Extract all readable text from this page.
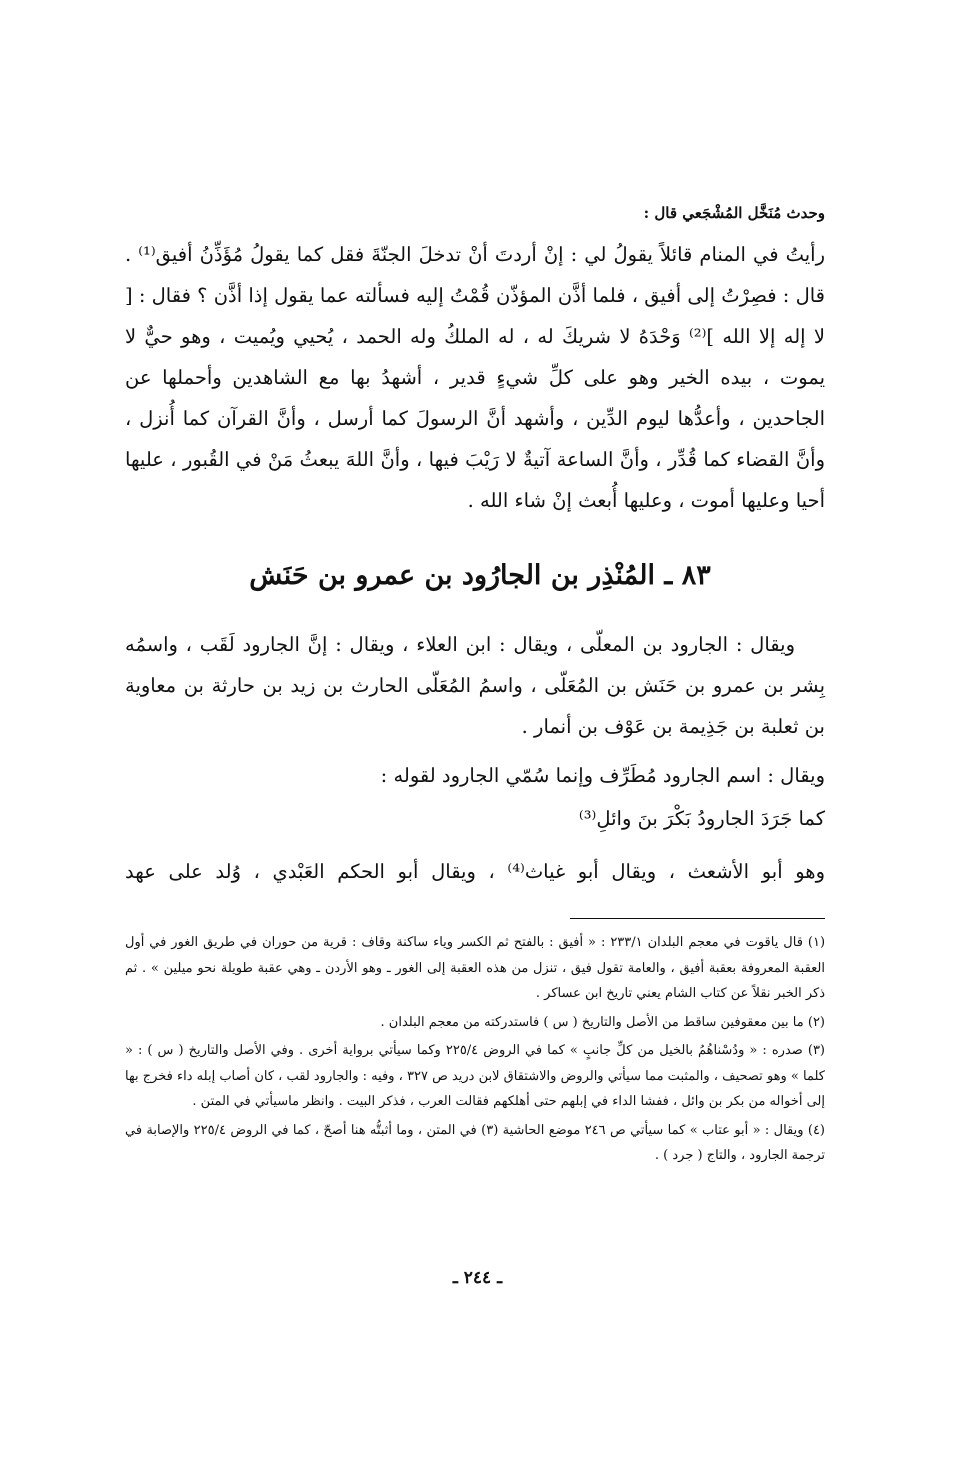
وحدث مُنَخَّل المُشْجَعي قال :
رأيتُ في المنام قائلاً يقولُ لي : إنْ أردتَ أنْ تدخلَ الجنّةَ فقل كما يقولُ مُؤَذِّنُ أفيق⁽¹⁾ . قال : فصِرْتُ إلى أفيق ، فلما أذَّن المؤذّن قُمْتُ إليه فسألته عما يقول إذا أذَّن ؟ فقال : [ لا إله إلا الله ]⁽²⁾ وَحْدَهُ لا شريكَ له ، له الملكُ وله الحمد ، يُحيي ويُميت ، وهو حيٌّ لا يموت ، بيده الخير وهو على كلِّ شيءٍ قدير ، أشهدُ بها مع الشاهدين وأحملها عن الجاحدين ، وأعدُّها ليوم الدِّين ، وأشهد أنَّ الرسولَ كما أرسل ، وأنَّ القرآن كما أُنزل ، وأنَّ القضاء كما قُدِّر ، وأنَّ الساعة آتيةٌ لا رَيْبَ فيها ، وأنَّ اللهَ يبعثُ مَنْ في القُبور ، عليها أحيا وعليها أموت ، وعليها أُبعث إنْ شاء الله .
٨٣ ـ المُنْذِر بن الجارُود بن عمرو بن حَنَش
ويقال : الجارود بن المعلّى ، ويقال : ابن العلاء ، ويقال : إنَّ الجارود لَقَب ، واسمُه بِشر بن عمرو بن حَنَش بن المُعَلّى ، واسمُ المُعَلّى الحارث بن زيد بن حارثة بن معاوية بن ثعلبة بن جَذِيمة بن عَوْف بن أنمار .
ويقال : اسم الجارود مُطَرِّف وإنما سُمّي الجارود لقوله :
كما جَرَدَ الجارودُ بَكْرَ بنَ وائلِ⁽³⁾
وهو أبو الأشعث ، ويقال أبو غياث⁽⁴⁾ ، ويقال أبو الحكم العَبْدي ، وُلد على عهد

(١) قال ياقوت في معجم البلدان ٢٣٣/١ : « أفيق : بالفتح ثم الكسر وياء ساكنة وقاف : قرية من حوران في طريق الغور في أول العقبة المعروفة بعقبة أفيق ، والعامة تقول فيق ، تنزل من هذه العقبة إلى الغور ـ وهو الأردن ـ وهي عقبة طويلة نحو ميلين » . ثم ذكر الخبر نقلاً عن كتاب الشام يعني تاريخ ابن عساكر .

(٢) ما بين معقوفين ساقط من الأصل والتاريخ ( س ) فاستدركته من معجم البلدان .

(٣) صدره : « ودُسْناهُمُ بالخيل من كلِّ جانبٍ » كما في الروض ٢٢٥/٤ وكما سيأتي برواية أخرى . وفي الأصل والتاريخ ( س ) : « كلما » وهو تصحيف ، والمثبت مما سيأتي والروض والاشتقاق لابن دريد ص ٣٢٧ ، وفيه : والجارود لقب ، كان أصاب إبله داء فخرج بها إلى أخواله من بكر بن وائل ، ففشا الداء في إبلهم حتى أهلكهم فقالت العرب ، فذكر البيت . وانظر ماسيأتي في المتن .

(٤) ويقال : « أبو عتاب » كما سيأتي ص ٢٤٦ موضع الحاشية (٣) في المتن ، وما أثبتُّه هنا أصحّ ، كما في الروض ٢٢٥/٤ والإصابة في ترجمة الجارود ، والتاج ( جرد ) .

ـ ٢٤٤ ـ
